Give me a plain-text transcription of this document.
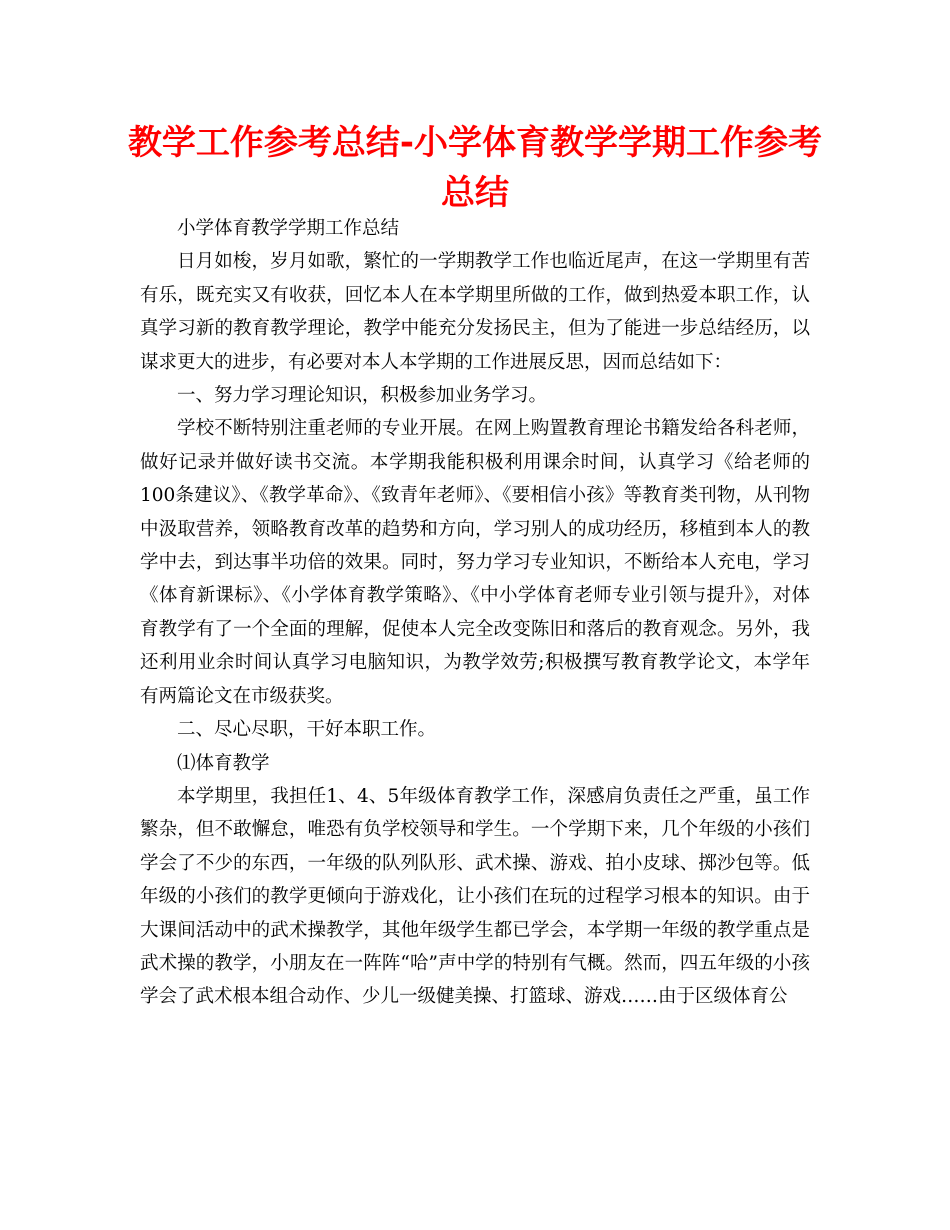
教学工作参考总结-小学体育教学学期工作参考总结

小学体育教学学期工作总结

日月如梭，岁月如歌，繁忙的一学期教学工作也临近尾声，在这一学期里有苦有乐，既充实又有收获，回忆本人在本学期里所做的工作，做到热爱本职工作，认真学习新的教育教学理论，教学中能充分发扬民主，但为了能进一步总结经历，以谋求更大的进步，有必要对本人本学期的工作进展反思，因而总结如下：

一、努力学习理论知识，积极参加业务学习。

学校不断特别注重老师的专业开展。在网上购置教育理论书籍发给各科老师，做好记录并做好读书交流。本学期我能积极利用课余时间，认真学习《给老师的100条建议》、《教学革命》、《致青年老师》、《要相信小孩》等教育类刊物，从刊物中汲取营养，领略教育改革的趋势和方向，学习别人的成功经历，移植到本人的教学中去，到达事半功倍的效果。同时，努力学习专业知识，不断给本人充电，学习《体育新课标》、《小学体育教学策略》、《中小学体育老师专业引领与提升》，对体育教学有了一个全面的理解，促使本人完全改变陈旧和落后的教育观念。另外，我还利用业余时间认真学习电脑知识，为教学效劳;积极撰写教育教学论文，本学年有两篇论文在市级获奖。

二、尽心尽职，干好本职工作。

⑴体育教学

本学期里，我担任1、4、5年级体育教学工作，深感肩负责任之严重，虽工作繁杂，但不敢懈怠，唯恐有负学校领导和学生。一个学期下来，几个年级的小孩们学会了不少的东西，一年级的队列队形、武术操、游戏、拍小皮球、掷沙包等。低年级的小孩们的教学更倾向于游戏化，让小孩们在玩的过程学习根本的知识。由于大课间活动中的武术操教学，其他年级学生都已学会，本学期一年级的教学重点是武术操的教学，小朋友在一阵阵“哈”声中学的特别有气概。然而，四五年级的小孩学会了武术根本组合动作、少儿一级健美操、打篮球、游戏……由于区级体育公
